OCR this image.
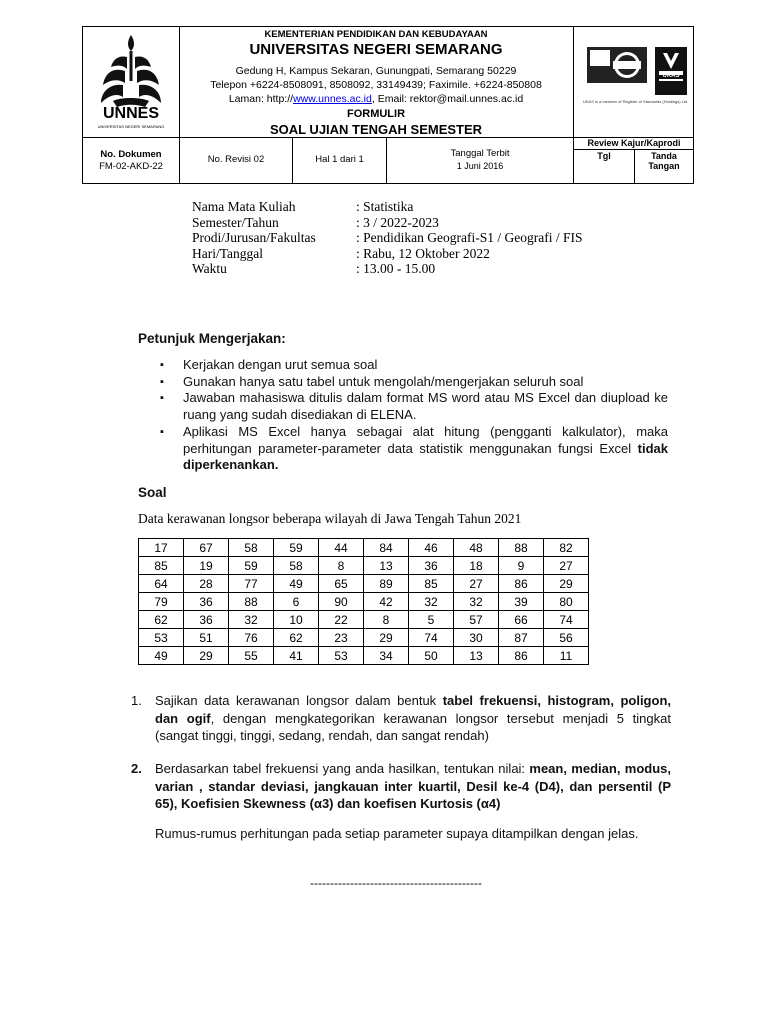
UNNES
UNIVERSITAS NEGERI SEMARANG
KEMENTERIAN PENDIDIKAN DAN KEBUDAYAAN
UNIVERSITAS NEGERI SEMARANG
Gedung H, Kampus Sekaran, Gunungpati, Semarang 50229
Telepon +6224-8508091, 8508092, 33149439; Faximile. +6224-850808
Laman: http://www.unnes.ac.id, Email: rektor@mail.unnes.ac.id
FORMULIR
SOAL UJIAN TENGAH SEMESTER
UKAS
UKAS is a member of Register of Standards (Holdings) Ltd.
No. Dokumen
FM-02-AKD-22
No. Revisi 02	Hal 1 dari 1
Tanggal Terbit
1 Juni 2016
Review Kajur/Kaprodi
Tgl	Tanda Tangan
Nama Mata Kuliah	: Statistika
Semester/Tahun	: 3 / 2022-2023
Prodi/Jurusan/Fakultas	: Pendidikan Geografi-S1 / Geografi / FIS
Hari/Tanggal	: Rabu, 12 Oktober 2022
Waktu	: 13.00 - 15.00
Petunjuk Mengerjakan:
▪ Kerjakan dengan urut semua soal
▪ Gunakan hanya satu tabel untuk mengolah/mengerjakan seluruh soal
▪ Jawaban mahasiswa ditulis dalam format MS word atau MS Excel dan diupload ke ruang yang sudah disediakan di ELENA.
▪ Aplikasi MS Excel hanya sebagai alat hitung (pengganti kalkulator), maka perhitungan parameter-parameter data statistik menggunakan fungsi Excel tidak diperkenankan.
Soal
Data kerawanan longsor beberapa wilayah di Jawa Tengah Tahun 2021
17	67	58	59	44	84	46	48	88	82
85	19	59	58	8	13	36	18	9	27
64	28	77	49	65	89	85	27	86	29
79	36	88	6	90	42	32	32	39	80
62	36	32	10	22	8	5	57	66	74
53	51	76	62	23	29	74	30	87	56
49	29	55	41	53	34	50	13	86	11
1. Sajikan data kerawanan longsor dalam bentuk tabel frekuensi, histogram, poligon, dan ogif, dengan mengkategorikan kerawanan longsor tersebut menjadi 5 tingkat (sangat tinggi, tinggi, sedang, rendah, dan sangat rendah)
2. Berdasarkan tabel frekuensi yang anda hasilkan, tentukan nilai: mean, median, modus, varian , standar deviasi, jangkauan inter kuartil, Desil ke-4 (D4), dan persentil (P 65), Koefisien Skewness (α3) dan koefisen Kurtosis (α4)
Rumus-rumus perhitungan pada setiap parameter supaya ditampilkan dengan jelas.
-------------------------------------------
